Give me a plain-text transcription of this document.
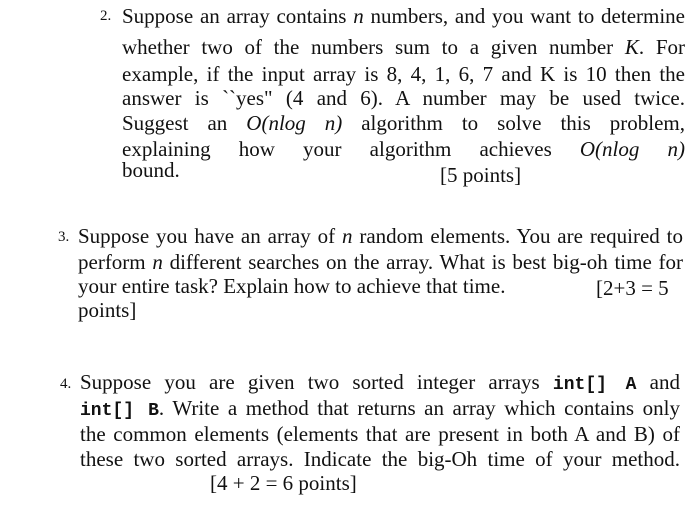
2. Suppose an array contains n numbers, and you want to determine
whether two of the numbers sum to a given number K. For
example, if the input array is 8, 4, 1, 6, 7 and K is 10 then the
answer is ``yes" (4 and 6). A number may be used twice.
Suggest an O(nlog n) algorithm to solve this problem,
explaining how your algorithm achieves O(nlog n)
bound.	[5 points]
3. Suppose you have an array of n random elements. You are required to
perform n different searches on the array. What is best big-oh time for
your entire task? Explain how to achieve that time.	[2+3 = 5
points]
4. Suppose you are given two sorted integer arrays int[] A and
int[] B. Write a method that returns an array which contains only
the common elements (elements that are present in both A and B) of
these two sorted arrays. Indicate the big-Oh time of your method.
[4 + 2 = 6 points]
